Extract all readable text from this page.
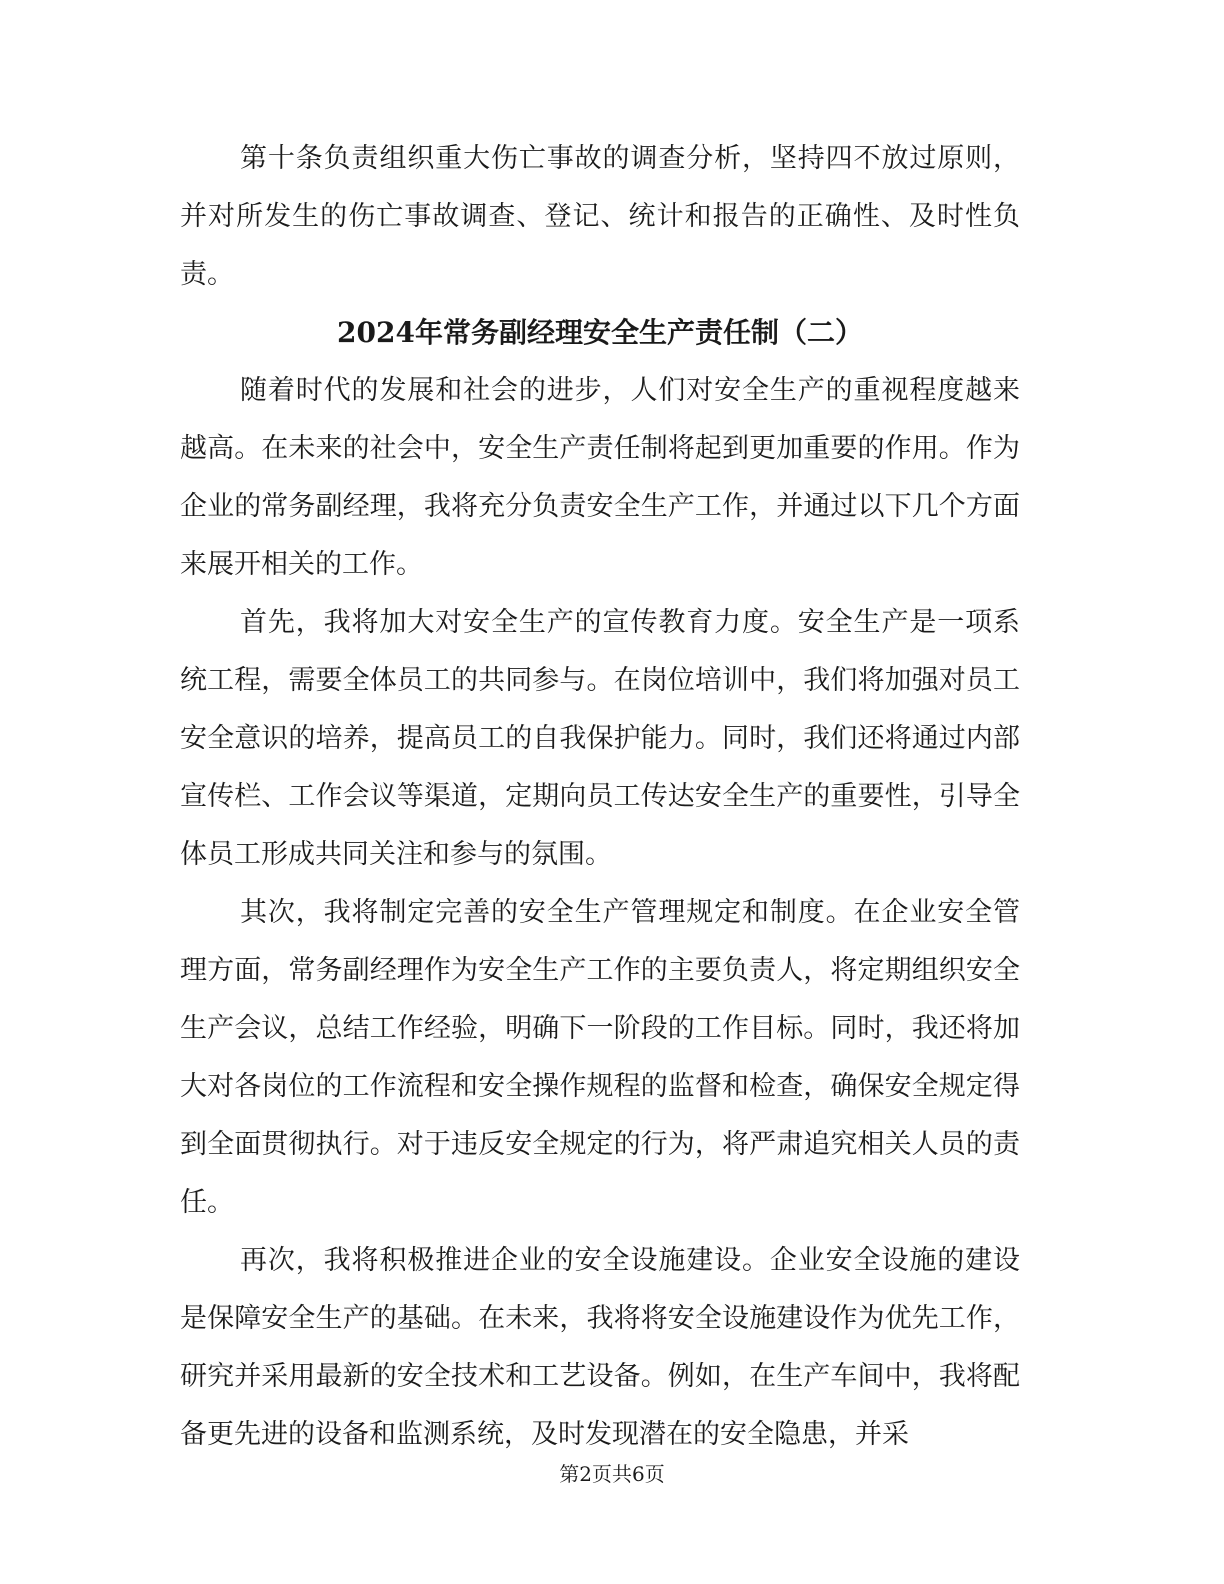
第十条负责组织重大伤亡事故的调查分析，坚持四不放过原则，并对所发生的伤亡事故调查、登记、统计和报告的正确性、及时性负责。

2024年常务副经理安全生产责任制（二）

随着时代的发展和社会的进步，人们对安全生产的重视程度越来越高。在未来的社会中，安全生产责任制将起到更加重要的作用。作为企业的常务副经理，我将充分负责安全生产工作，并通过以下几个方面来展开相关的工作。

首先，我将加大对安全生产的宣传教育力度。安全生产是一项系统工程，需要全体员工的共同参与。在岗位培训中，我们将加强对员工安全意识的培养，提高员工的自我保护能力。同时，我们还将通过内部宣传栏、工作会议等渠道，定期向员工传达安全生产的重要性，引导全体员工形成共同关注和参与的氛围。

其次，我将制定完善的安全生产管理规定和制度。在企业安全管理方面，常务副经理作为安全生产工作的主要负责人，将定期组织安全生产会议，总结工作经验，明确下一阶段的工作目标。同时，我还将加大对各岗位的工作流程和安全操作规程的监督和检查，确保安全规定得到全面贯彻执行。对于违反安全规定的行为，将严肃追究相关人员的责任。

再次，我将积极推进企业的安全设施建设。企业安全设施的建设是保障安全生产的基础。在未来，我将将安全设施建设作为优先工作，研究并采用最新的安全技术和工艺设备。例如，在生产车间中，我将配备更先进的设备和监测系统，及时发现潜在的安全隐患，并采

第2页共6页
